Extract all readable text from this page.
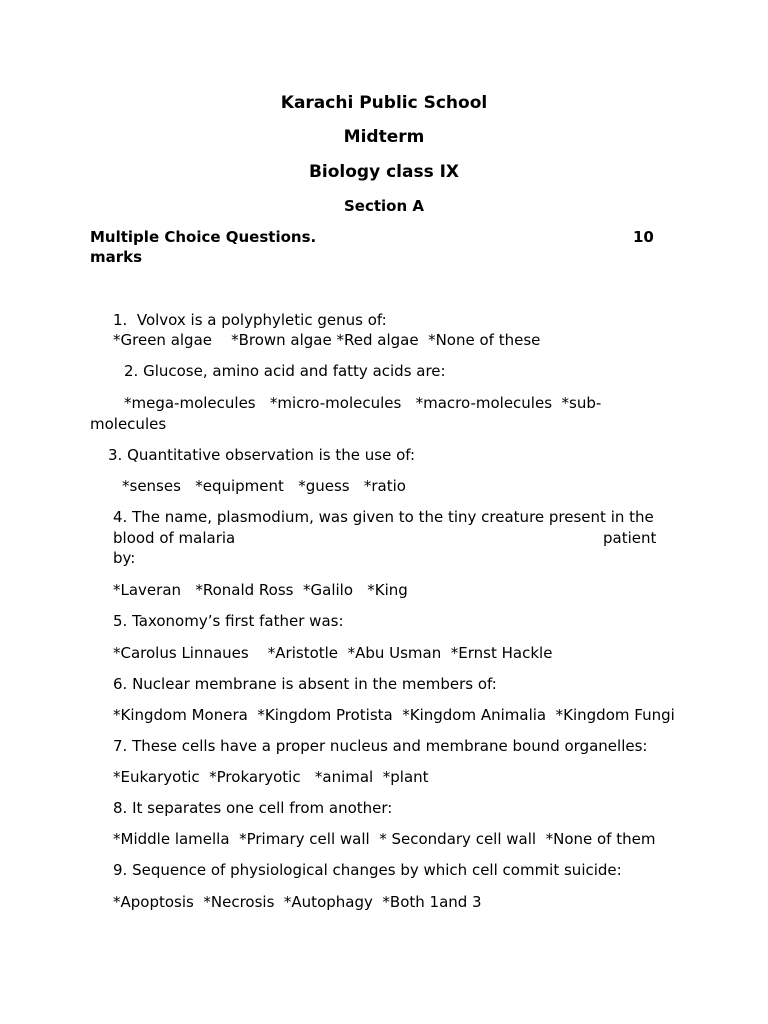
Karachi Public School
Midterm
Biology class IX
Section A
Multiple Choice Questions.	10
marks
1.  Volvox is a polyphyletic genus of:
*Green algae    *Brown algae *Red algae  *None of these
2. Glucose, amino acid and fatty acids are:
*mega-molecules   *micro-molecules   *macro-molecules  *sub-
molecules
3. Quantitative observation is the use of:
*senses   *equipment   *guess   *ratio
4. The name, plasmodium, was given to the tiny creature present in the
blood of malaria	patient
by:
*Laveran   *Ronald Ross  *Galilo   *King
5. Taxonomy’s first father was:
*Carolus Linnaues    *Aristotle  *Abu Usman  *Ernst Hackle
6. Nuclear membrane is absent in the members of:
*Kingdom Monera  *Kingdom Protista  *Kingdom Animalia  *Kingdom Fungi
7. These cells have a proper nucleus and membrane bound organelles:
*Eukaryotic  *Prokaryotic   *animal  *plant
8. It separates one cell from another:
*Middle lamella  *Primary cell wall  * Secondary cell wall  *None of them
9. Sequence of physiological changes by which cell commit suicide:
*Apoptosis  *Necrosis  *Autophagy  *Both 1and 3
